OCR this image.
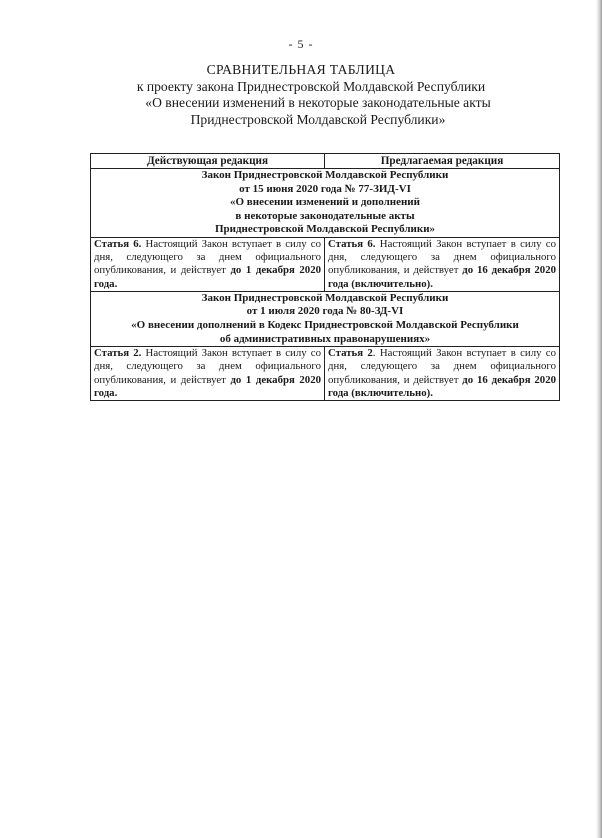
- 5 -
СРАВНИТЕЛЬНАЯ ТАБЛИЦА
к проекту закона Приднестровской Молдавской Республики
«О внесении изменений в некоторые законодательные акты
Приднестровской Молдавской Республики»
Действующая редакция	Предлагаемая редакция

Закон Приднестровской Молдавской Республики
от 15 июня 2020 года № 77-ЗИД-VI
«О внесении изменений и дополнений
в некоторые законодательные акты
Приднестровской Молдавской Республики»	

Статья 6. Настоящий Закон вступает в силу со дня, следующего за днем официального опубликования, и действует до 1 декабря 2020 года.	Статья 6. Настоящий Закон вступает в силу со дня, следующего за днем официального опубликования, и действует до 16 декабря 2020 года (включительно).

Закон Приднестровской Молдавской Республики
от 1 июля 2020 года № 80-ЗД-VI
«О внесении дополнений в Кодекс Приднестровской Молдавской Республики
об административных правонарушениях»	

Статья 2. Настоящий Закон вступает в силу со дня, следующего за днем официального опубликования, и действует до 1 декабря 2020 года.	Статья 2. Настоящий Закон вступает в силу со дня, следующего за днем официального опубликования, и действует до 16 декабря 2020 года (включительно).
